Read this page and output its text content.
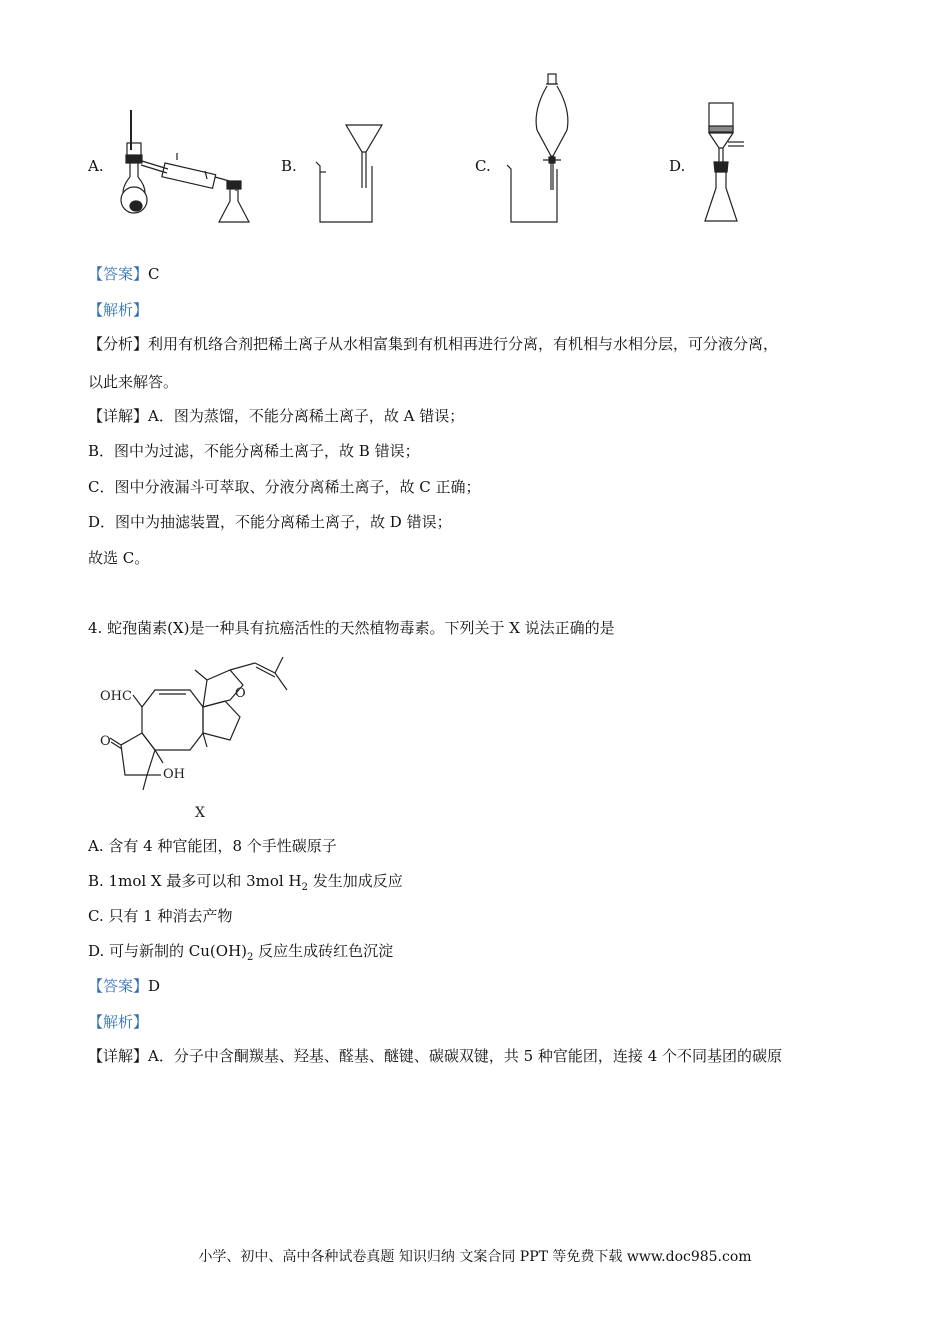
A.	B.	C.	D.
【答案】C
【解析】
【分析】利用有机络合剂把稀土离子从水相富集到有机相再进行分离，有机相与水相分层，可分液分离，
以此来解答。
【详解】A．图为蒸馏，不能分离稀土离子，故 A 错误；
B．图中为过滤，不能分离稀土离子，故 B 错误；
C．图中分液漏斗可萃取、分液分离稀土离子，故 C 正确；
D．图中为抽滤装置，不能分离稀土离子，故 D 错误；
故选 C。
4. 蛇孢菌素(X)是一种具有抗癌活性的天然植物毒素。下列关于 X 说法正确的是
OHC
O
OH
O
X
A. 含有 4 种官能团，8 个手性碳原子
B. 1mol X 最多可以和 3mol $H_2$ 发生加成反应
C. 只有 1 种消去产物
D. 可与新制的 $Cu(OH)_2$ 反应生成砖红色沉淀
【答案】D
【解析】
【详解】A．分子中含酮羰基、羟基、醛基、醚键、碳碳双键，共 5 种官能团，连接 4 个不同基团的碳原
小学、初中、高中各种试卷真题 知识归纳 文案合同 PPT 等免费下载 www.doc985.com
